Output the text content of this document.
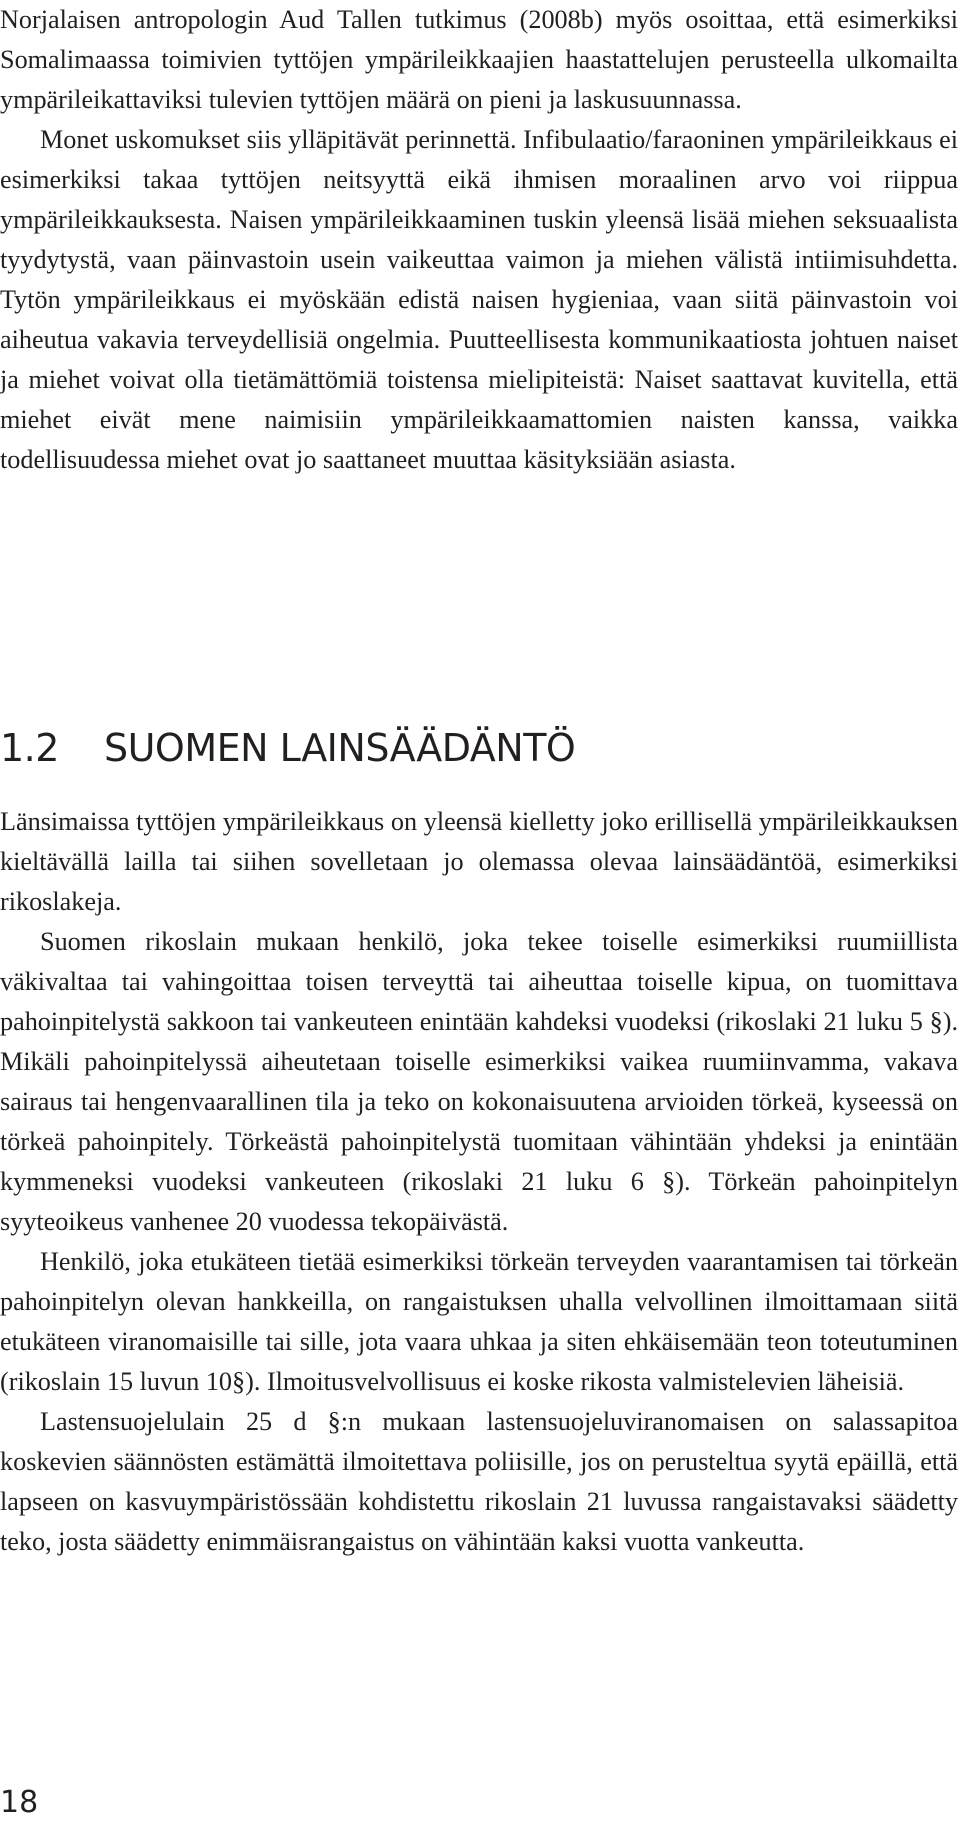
Norjalaisen antropologin Aud Tallen tutkimus (2008b) myös osoittaa, että esimerkiksi Somalimaassa toimivien tyttöjen ympärileikkaajien haastattelujen perusteella ulkomailta ympärileikattaviksi tulevien tyttöjen määrä on pieni ja laskusuunnassa.

Monet uskomukset siis ylläpitävät perinnettä. Infibulaatio/faraoninen ympärileikkaus ei esimerkiksi takaa tyttöjen neitsyyttä eikä ihmisen moraalinen arvo voi riippua ympärileikkauksesta. Naisen ympärileikkaaminen tuskin yleensä lisää miehen seksuaalista tyydytystä, vaan päinvastoin usein vaikeuttaa vaimon ja miehen välistä intiimisuhdetta. Tytön ympärileikkaus ei myöskään edistä naisen hygieniaa, vaan siitä päinvastoin voi aiheutua vakavia terveydellisiä ongelmia. Puutteellisesta kommunikaatiosta johtuen naiset ja miehet voivat olla tietämättömiä toistensa mielipiteistä: Naiset saattavat kuvitella, että miehet eivät mene naimisiin ympärileikkaamattomien naisten kanssa, vaikka todellisuudessa miehet ovat jo saattaneet muuttaa käsityksiään asiasta.

1.2 SUOMEN LAINSÄÄDÄNTÖ

Länsimaissa tyttöjen ympärileikkaus on yleensä kielletty joko erillisellä ympärileikkauksen kieltävällä lailla tai siihen sovelletaan jo olemassa olevaa lainsäädäntöä, esimerkiksi rikoslakeja.

Suomen rikoslain mukaan henkilö, joka tekee toiselle esimerkiksi ruumiillista väkivaltaa tai vahingoittaa toisen terveyttä tai aiheuttaa toiselle kipua, on tuomittava pahoinpitelystä sakkoon tai vankeuteen enintään kahdeksi vuodeksi (rikoslaki 21 luku 5 §). Mikäli pahoinpitelyssä aiheutetaan toiselle esimerkiksi vaikea ruumiinvamma, vakava sairaus tai hengenvaarallinen tila ja teko on kokonaisuutena arvioiden törkeä, kyseessä on törkeä pahoinpitely. Törkeästä pahoinpitelystä tuomitaan vähintään yhdeksi ja enintään kymmeneksi vuodeksi vankeuteen (rikoslaki 21 luku 6 §). Törkeän pahoinpitelyn syyteoikeus vanhenee 20 vuodessa tekopäivästä.

Henkilö, joka etukäteen tietää esimerkiksi törkeän terveyden vaarantamisen tai törkeän pahoinpitelyn olevan hankkeilla, on rangaistuksen uhalla velvollinen ilmoittamaan siitä etukäteen viranomaisille tai sille, jota vaara uhkaa ja siten ehkäisemään teon toteutuminen (rikoslain 15 luvun 10§). Ilmoitusvelvollisuus ei koske rikosta valmistelevien läheisiä.

Lastensuojelulain 25 d §:n mukaan lastensuojeluviranomaisen on salassapitoa koskevien säännösten estämättä ilmoitettava poliisille, jos on perusteltua syytä epäillä, että lapseen on kasvuympäristössään kohdistettu rikoslain 21 luvussa rangaistavaksi säädetty teko, josta säädetty enimmäisrangaistus on vähintään kaksi vuotta vankeutta.

18
